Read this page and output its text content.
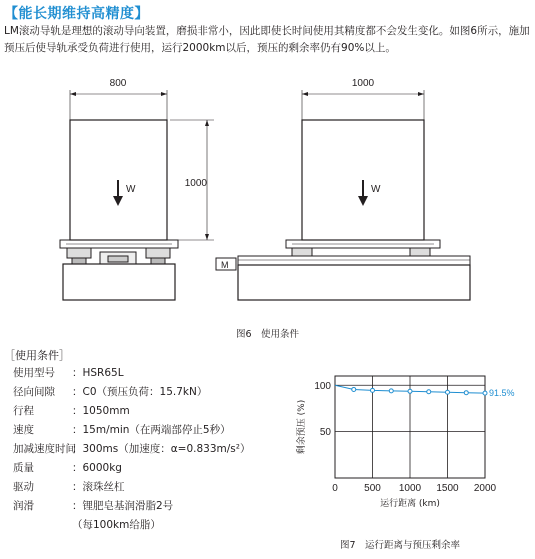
【能长期维持高精度】
LM滚动导轨是理想的滚动导向装置，磨损非常小，因此即使长时间使用其精度都不会发生变化。如图6所示，施加预压后使导轨承受负荷进行使用，运行2000km以后，预压的剩余率仍有90%以上。
800
1000
W
1000
W
M
图6　使用条件
［使用条件］
使用型号 ：HSR65L
径向间隙 ：C0（预压负荷：15.7kN）
行程	：1050mm
速度	：15m/min（在两端部停止5秒）
加减速度时间
：300ms（加速度：α=0.833m/s²）
质量	：6000kg
驱动	：滚珠丝杠
润滑	：锂肥皂基润滑脂2号
（每100km给脂）
0	500 1000 1500 2000
50
100
91.5%
运行距离 (km)
剩余预压 (%)
图7　运行距离与预压剩余率
